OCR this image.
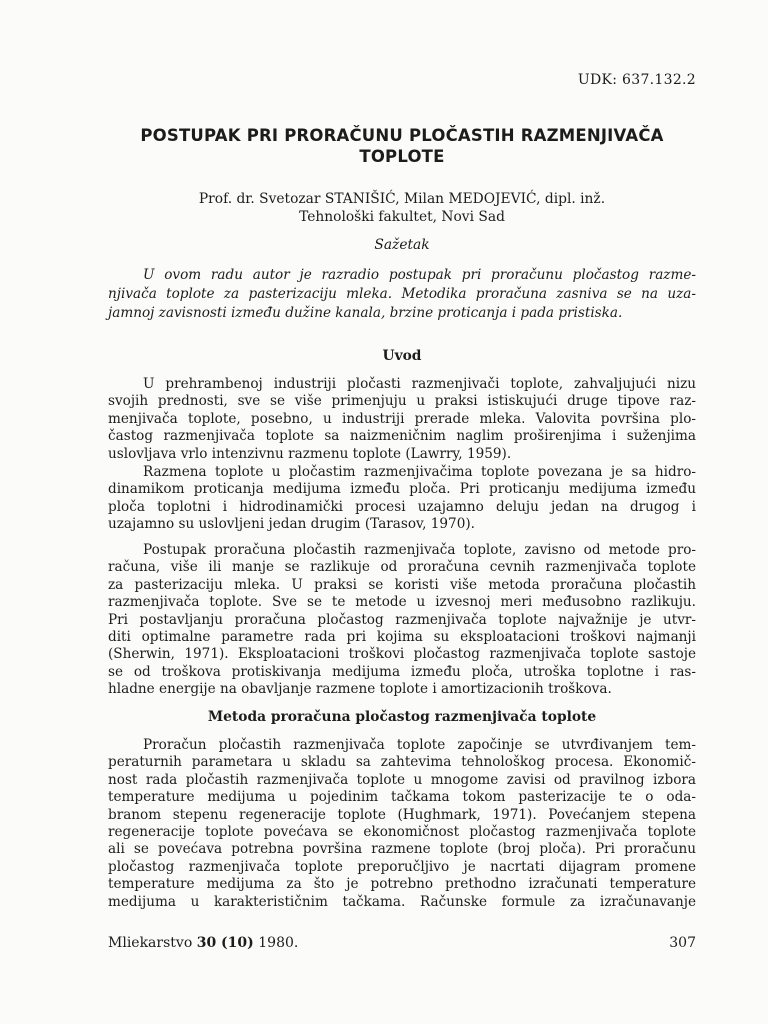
UDK: 637.132.2
POSTUPAK PRI PRORAČUNU PLOČASTIH RAZMENJIVAČA
TOPLOTE
Prof. dr. Svetozar STANIŠIĆ, Milan MEDOJEVIĆ, dipl. inž.
Tehnološki fakultet, Novi Sad
Sažetak
U ovom radu autor je razradio postupak pri proračunu pločastog razme-
njivača toplote za pasterizaciju mleka. Metodika proračuna zasniva se na uza-
jamnoj zavisnosti između dužine kanala, brzine proticanja i pada pristiska.
Uvod
U prehrambenoj industriji pločasti razmenjivači toplote, zahvaljujući nizu
svojih prednosti, sve se više primenjuju u praksi istiskujući druge tipove raz-
menjivača toplote, posebno, u industriji prerade mleka. Valovita površina plo-
častog razmenjivača toplote sa naizmeničnim naglim proširenjima i suženjima
uslovljava vrlo intenzivnu razmenu toplote (Lawrry, 1959).
Razmena toplote u pločastim razmenjivačima toplote povezana je sa hidro-
dinamikom proticanja medijuma između ploča. Pri proticanju medijuma između
ploča toplotni i hidrodinamički procesi uzajamno deluju jedan na drugog i
uzajamno su uslovljeni jedan drugim (Tarasov, 1970).
Postupak proračuna pločastih razmenjivača toplote, zavisno od metode pro-
računa, više ili manje se razlikuje od proračuna cevnih razmenjivača toplote
za pasterizaciju mleka. U praksi se koristi više metoda proračuna pločastih
razmenjivača toplote. Sve se te metode u izvesnoj meri međusobno razlikuju.
Pri postavljanju proračuna pločastog razmenjivača toplote najvažnije je utvr-
diti optimalne parametre rada pri kojima su eksploatacioni troškovi najmanji
(Sherwin, 1971). Eksploatacioni troškovi pločastog razmenjivača toplote sastoje
se od troškova protiskivanja medijuma između ploča, utroška toplotne i ras-
hladne energije na obavljanje razmene toplote i amortizacionih troškova.
Metoda proračuna pločastog razmenjivača toplote
Proračun pločastih razmenjivača toplote započinje se utvrđivanjem tem-
peraturnih parametara u skladu sa zahtevima tehnološkog procesa. Ekonomič-
nost rada pločastih razmenjivača toplote u mnogome zavisi od pravilnog izbora
temperature medijuma u pojedinim tačkama tokom pasterizacije te o oda-
branom stepenu regeneracije toplote (Hughmark, 1971). Povećanjem stepena
regeneracije toplote povećava se ekonomičnost pločastog razmenjivača toplote
ali se povećava potrebna površina razmene toplote (broj ploča). Pri proračunu
pločastog razmenjivača toplote preporučljivo je nacrtati dijagram promene
temperature medijuma za što je potrebno prethodno izračunati temperature
medijuma u karakterističnim tačkama. Računske formule za izračunavanje
Mliekarstvo 30 (10) 1980.	307
